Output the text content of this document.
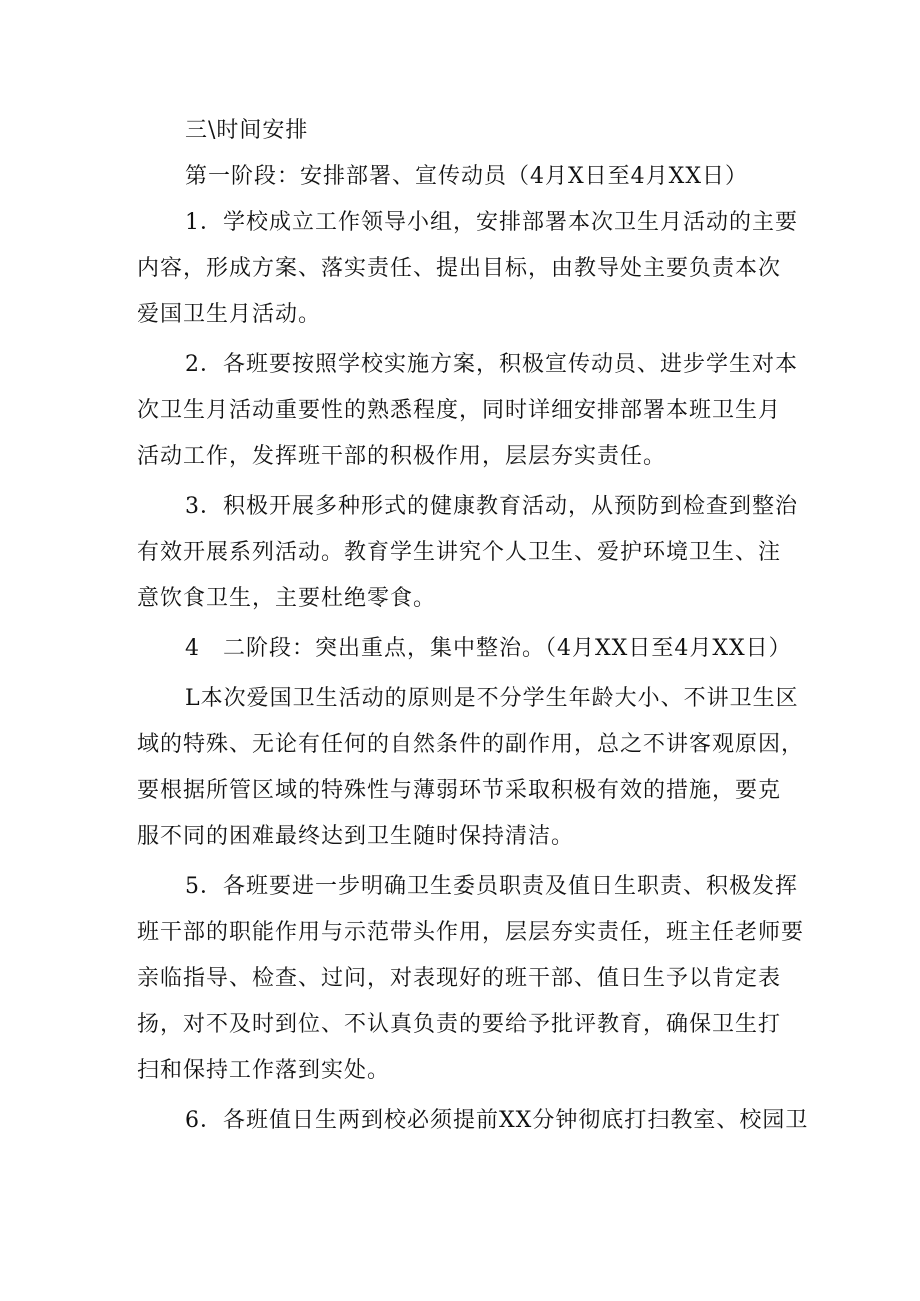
三\时间安排
第一阶段：安排部署、宣传动员（4月X日至4月XX日）
1．学校成立工作领导小组，安排部署本次卫生月活动的主要
内容，形成方案、落实责任、提出目标，由教导处主要负责本次
爱国卫生月活动。
2．各班要按照学校实施方案，积极宣传动员、进步学生对本
次卫生月活动重要性的熟悉程度，同时详细安排部署本班卫生月
活动工作，发挥班干部的积极作用，层层夯实责任。
3．积极开展多种形式的健康教育活动，从预防到检查到整治
有效开展系列活动。教育学生讲究个人卫生、爱护环境卫生、注
意饮食卫生，主要杜绝零食。
4　二阶段：突出重点，集中整治。（4月XX日至4月XX日）
L本次爱国卫生活动的原则是不分学生年龄大小、不讲卫生区
域的特殊、无论有任何的自然条件的副作用，总之不讲客观原因，
要根据所管区域的特殊性与薄弱环节采取积极有效的措施，要克
服不同的困难最终达到卫生随时保持清洁。
5．各班要进一步明确卫生委员职责及值日生职责、积极发挥
班干部的职能作用与示范带头作用，层层夯实责任，班主任老师要
亲临指导、检查、过问，对表现好的班干部、值日生予以肯定表
扬，对不及时到位、不认真负责的要给予批评教育，确保卫生打
扫和保持工作落到实处。
6．各班值日生两到校必须提前XX分钟彻底打扫教室、校园卫
